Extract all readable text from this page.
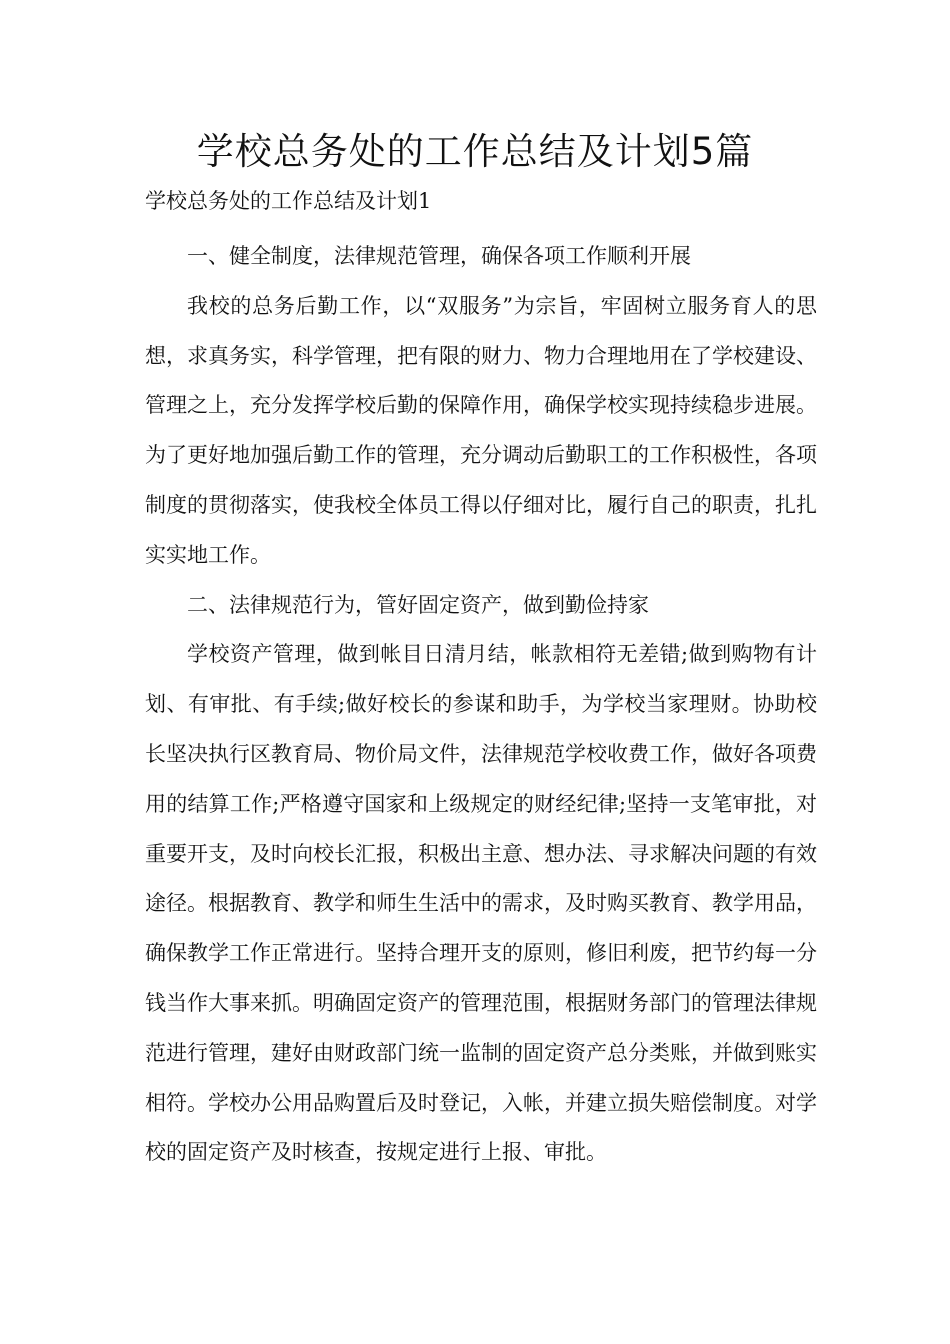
学校总务处的工作总结及计划5篇
学校总务处的工作总结及计划1

一、健全制度，法律规范管理，确保各项工作顺利开展

我校的总务后勤工作，以“双服务”为宗旨，牢固树立服务育人的思想，求真务实，科学管理，把有限的财力、物力合理地用在了学校建设、管理之上，充分发挥学校后勤的保障作用，确保学校实现持续稳步进展。为了更好地加强后勤工作的管理，充分调动后勤职工的工作积极性，各项制度的贯彻落实，使我校全体员工得以仔细对比，履行自己的职责，扎扎实实地工作。

二、法律规范行为，管好固定资产，做到勤俭持家

学校资产管理，做到帐目日清月结，帐款相符无差错;做到购物有计划、有审批、有手续;做好校长的参谋和助手，为学校当家理财。协助校长坚决执行区教育局、物价局文件，法律规范学校收费工作，做好各项费用的结算工作;严格遵守国家和上级规定的财经纪律;坚持一支笔审批，对重要开支，及时向校长汇报，积极出主意、想办法、寻求解决问题的有效途径。根据教育、教学和师生生活中的需求，及时购买教育、教学用品，确保教学工作正常进行。坚持合理开支的原则，修旧利废，把节约每一分钱当作大事来抓。明确固定资产的管理范围，根据财务部门的管理法律规范进行管理，建好由财政部门统一监制的固定资产总分类账，并做到账实相符。学校办公用品购置后及时登记，入帐，并建立损失赔偿制度。对学校的固定资产及时核查，按规定进行上报、审批。
